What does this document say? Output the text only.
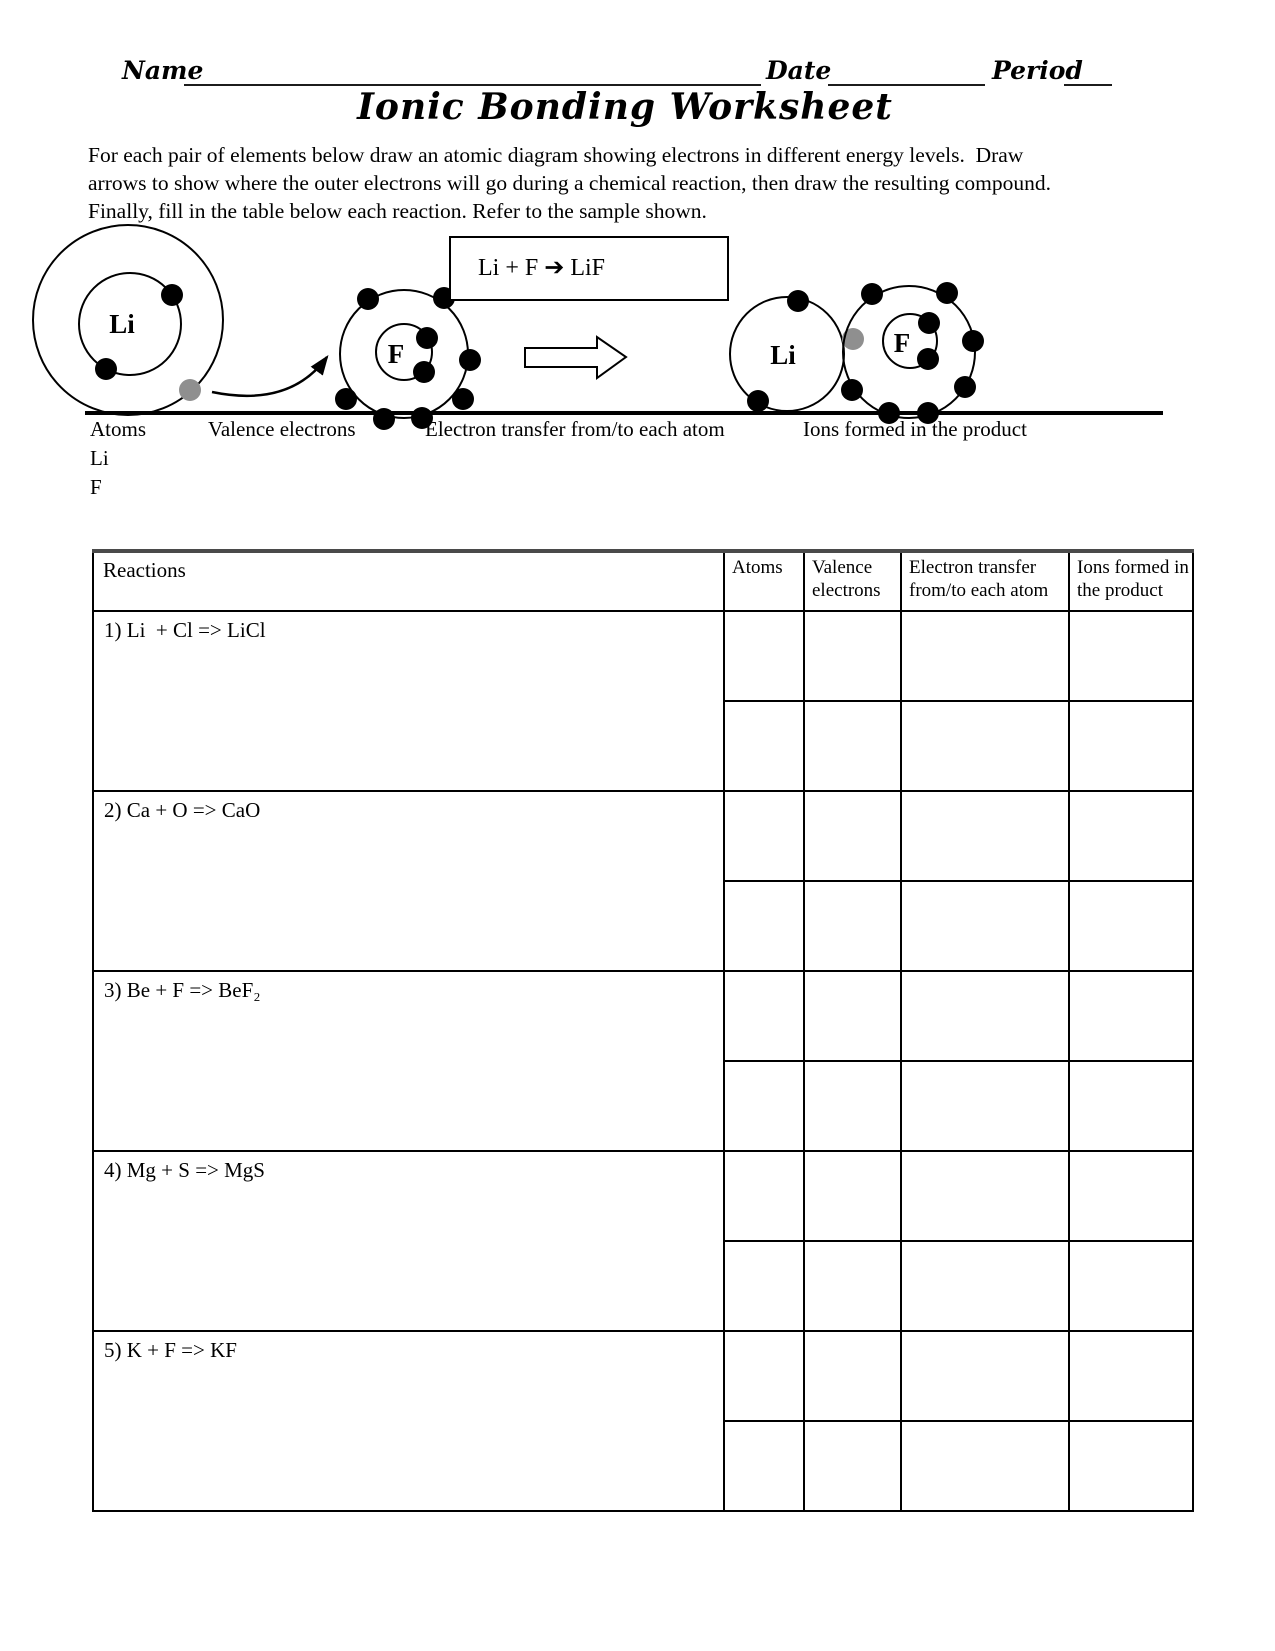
Name	Date	Period
Ionic Bonding Worksheet
For each pair of elements below draw an atomic diagram showing electrons in different energy levels.  Draw
arrows to show where the outer electrons will go during a chemical reaction, then draw the resulting compound.
Finally, fill in the table below each reaction. Refer to the sample shown.
Li
F
Li + F ➔ LiF
Li	F
Atoms	Valence electrons	Electron transfer from/to each atom	Ions formed in the product
Li
F
Reactions	Atoms	Valence electrons	Electron transfer from/to each atom	Ions formed in the product
1) Li  + Cl => LiCl				

2) Ca + O => CaO				

3) Be + F => BeF₂				

4) Mg + S => MgS				

5) K + F => KF				
